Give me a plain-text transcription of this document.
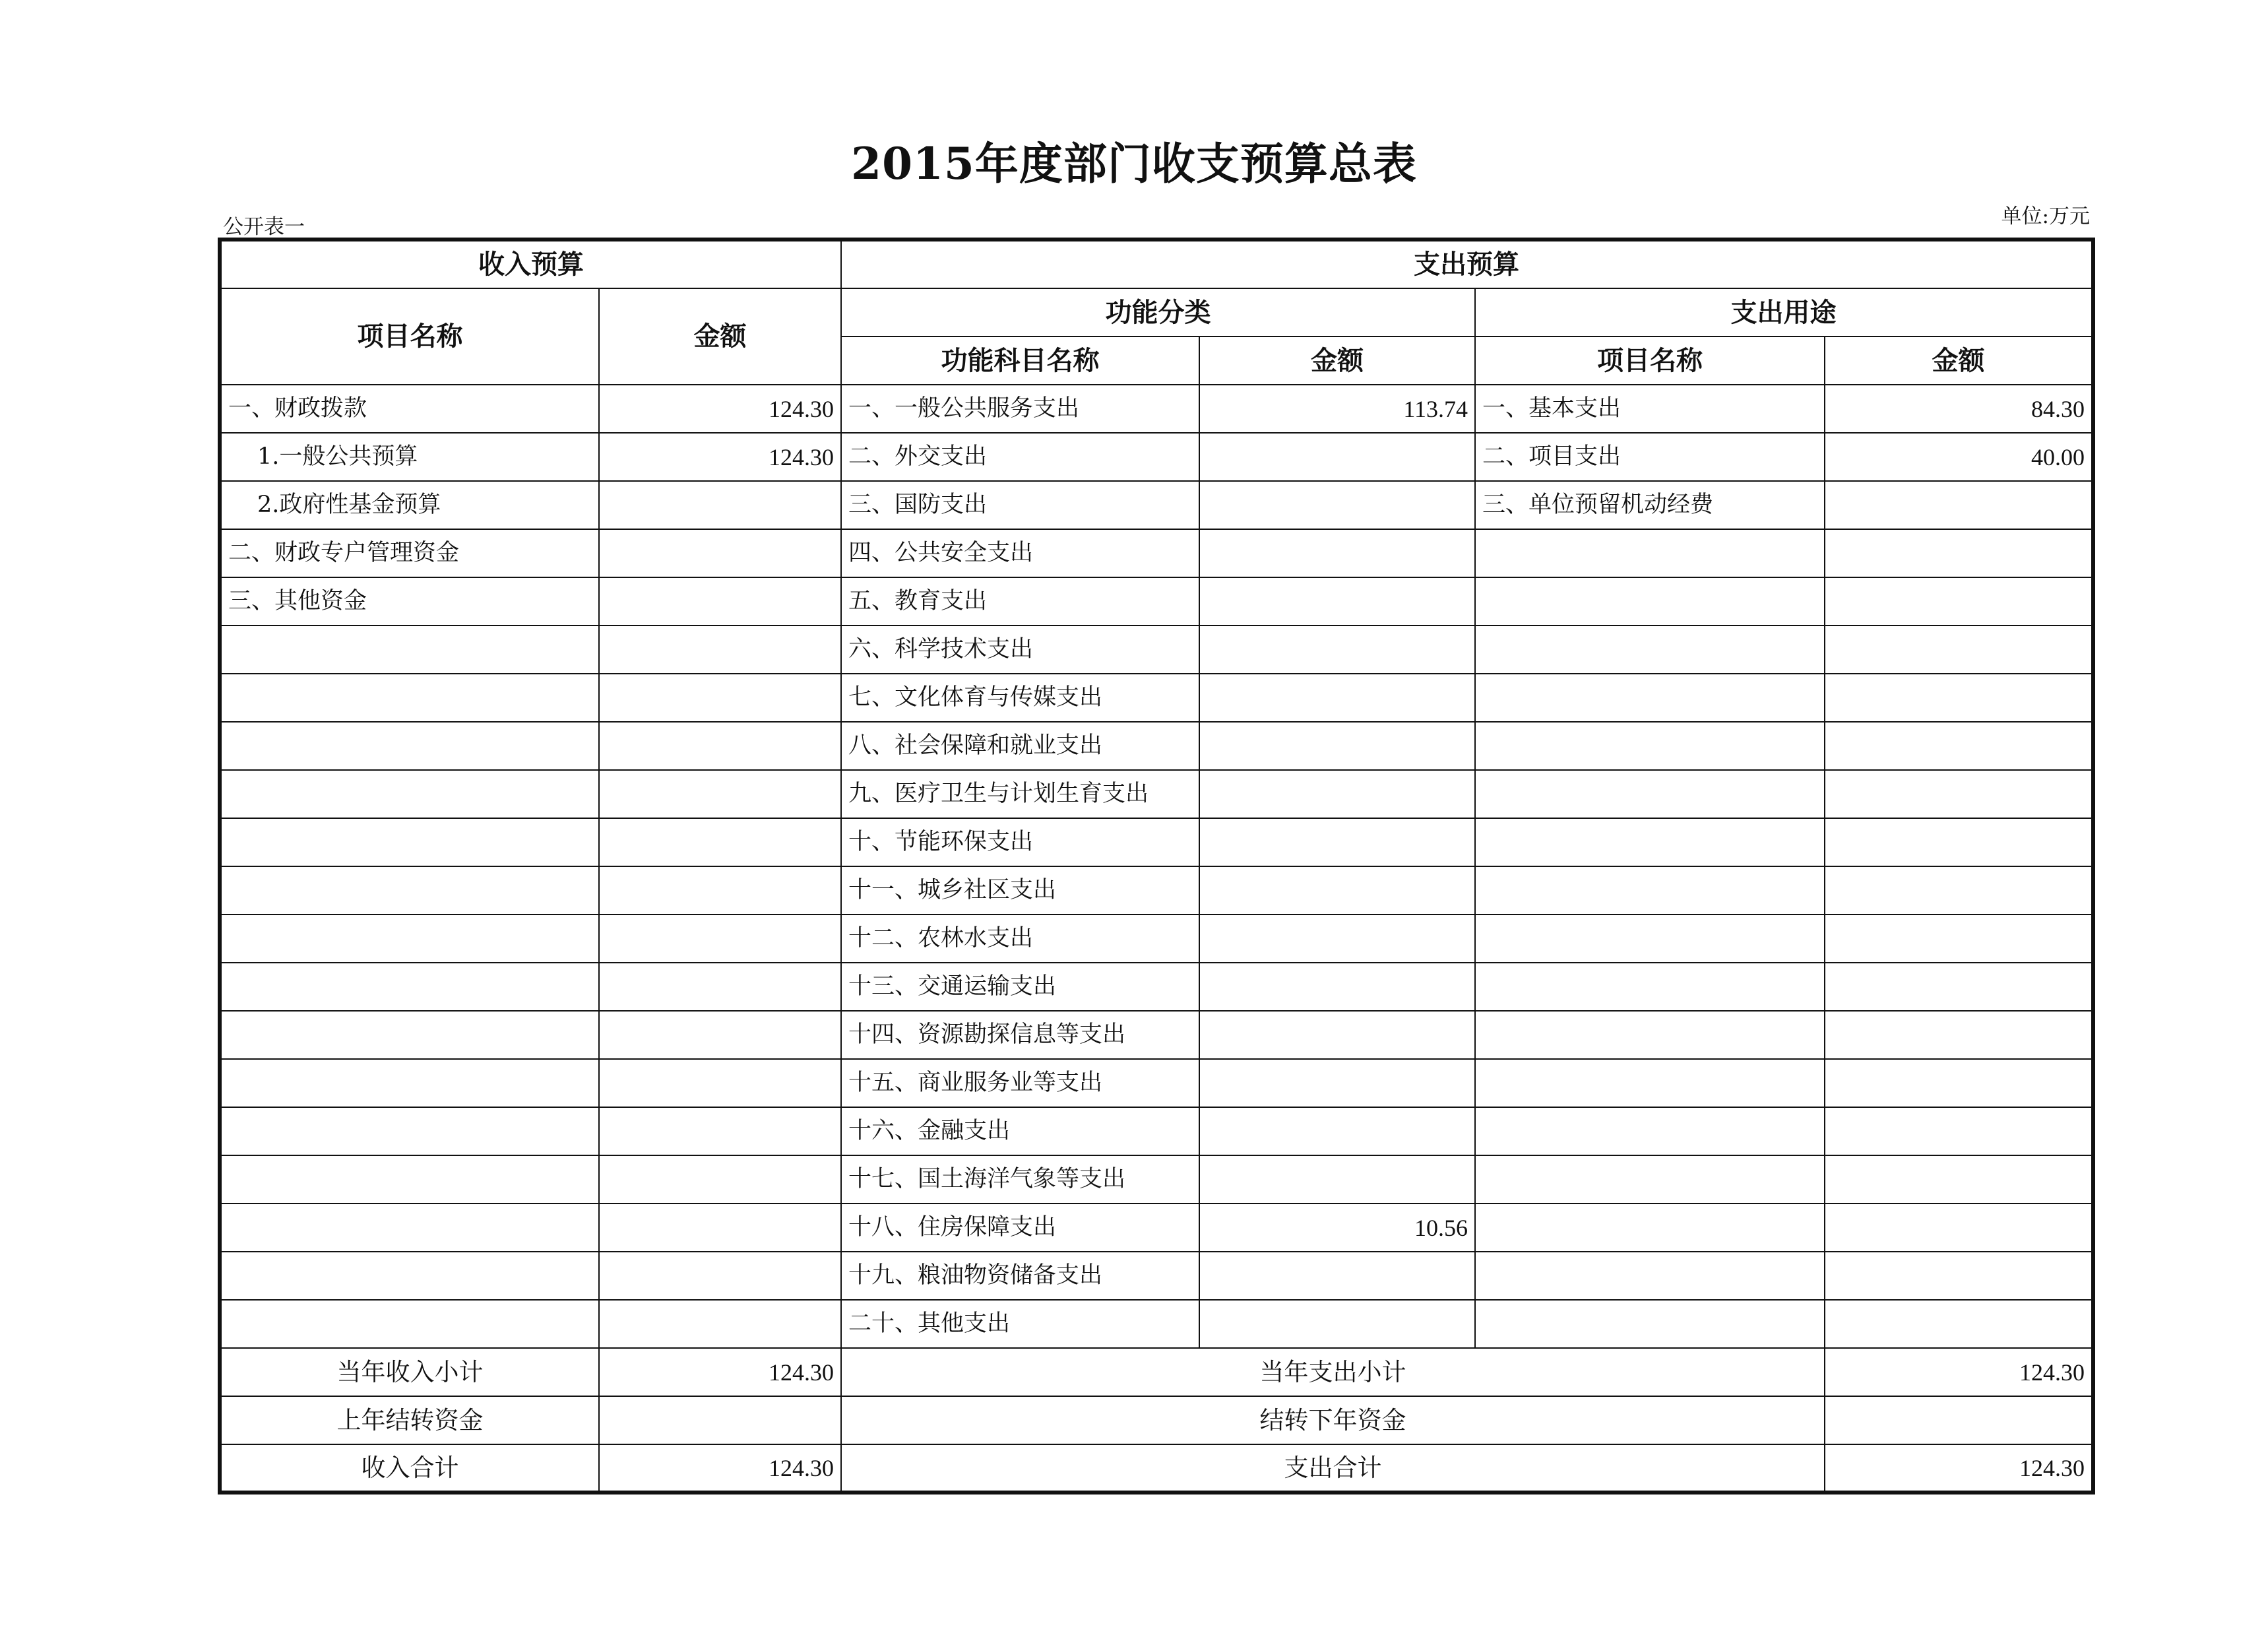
2015年度部门收支预算总表
公开表一	单位:万元
收入预算		支出预算			
项目名称	金额	功能分类		支出用途	
		功能科目名称	金额	项目名称	金额
一、财政拨款	124.30	一、一般公共服务支出	113.74	一、基本支出	84.30
1.一般公共预算	124.30	二、外交支出		二、项目支出	40.00
2.政府性基金预算		三、国防支出		三、单位预留机动经费	
二、财政专户管理资金		四、公共安全支出			
三、其他资金		五、教育支出			
		六、科学技术支出			
		七、文化体育与传媒支出			
		八、社会保障和就业支出			
		九、医疗卫生与计划生育支出			
		十、节能环保支出			
		十一、城乡社区支出			
		十二、农林水支出			
		十三、交通运输支出			
		十四、资源勘探信息等支出			
		十五、商业服务业等支出			
		十六、金融支出			
		十七、国土海洋气象等支出			
		十八、住房保障支出	10.56		
		十九、粮油物资储备支出			
		二十、其他支出			
当年收入小计	124.30	当年支出小计			124.30
上年结转资金		结转下年资金			
收入合计	124.30	支出合计			124.30
